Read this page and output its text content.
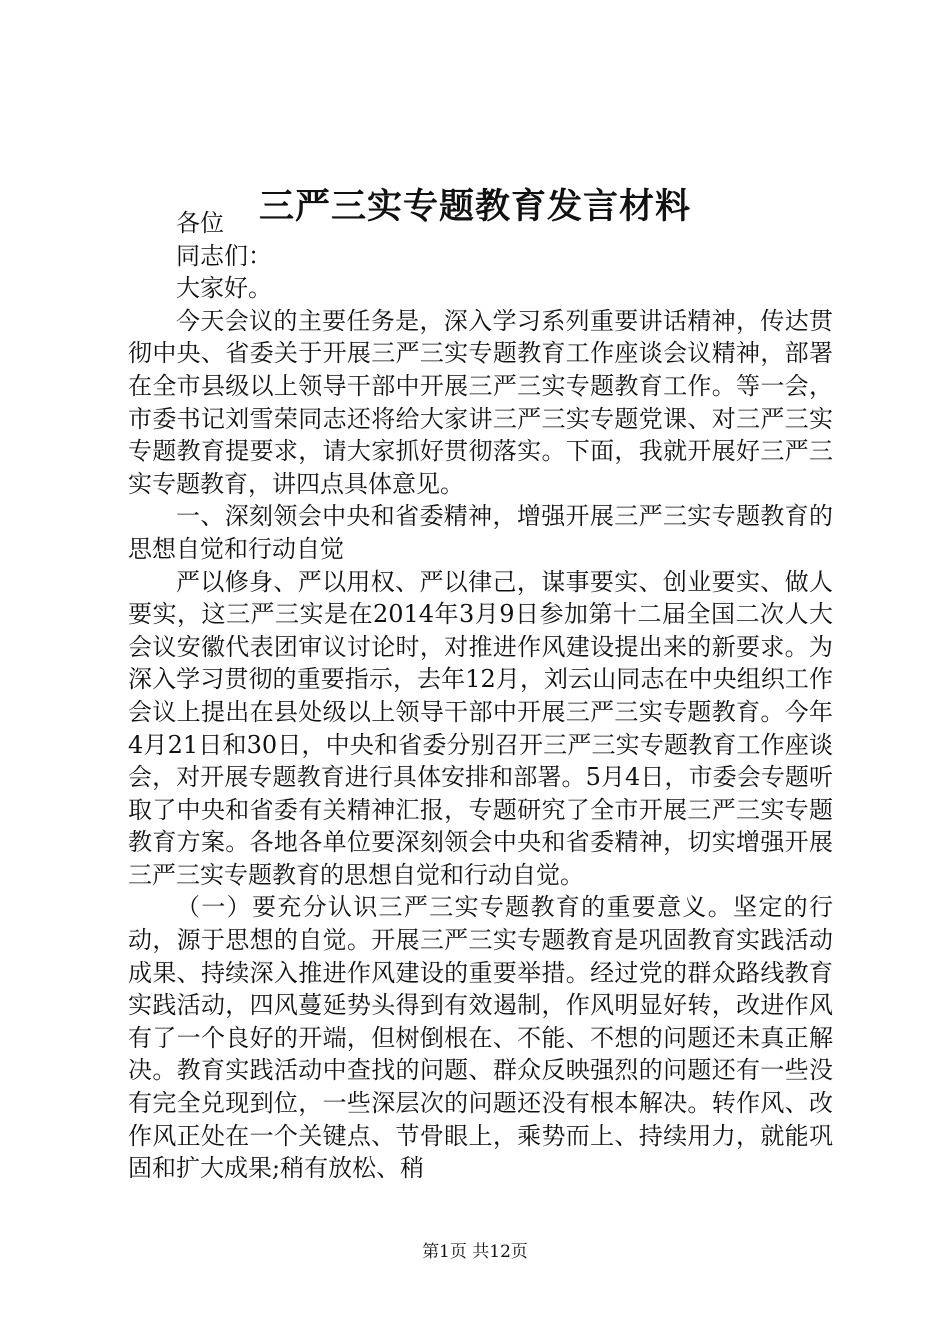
三严三实专题教育发言材料

各位

同志们：

大家好。

今天会议的主要任务是，深入学习系列重要讲话精神，传达贯彻中央、省委关于开展三严三实专题教育工作座谈会议精神，部署在全市县级以上领导干部中开展三严三实专题教育工作。等一会，市委书记刘雪荣同志还将给大家讲三严三实专题党课、对三严三实专题教育提要求，请大家抓好贯彻落实。下面，我就开展好三严三实专题教育，讲四点具体意见。

一、深刻领会中央和省委精神，增强开展三严三实专题教育的思想自觉和行动自觉

严以修身、严以用权、严以律己，谋事要实、创业要实、做人要实，这三严三实是在2014年3月9日参加第十二届全国二次人大会议安徽代表团审议讨论时，对推进作风建设提出来的新要求。为深入学习贯彻的重要指示，去年12月，刘云山同志在中央组织工作会议上提出在县处级以上领导干部中开展三严三实专题教育。今年4月21日和30日，中央和省委分别召开三严三实专题教育工作座谈会，对开展专题教育进行具体安排和部署。5月4日，市委会专题听取了中央和省委有关精神汇报，专题研究了全市开展三严三实专题教育方案。各地各单位要深刻领会中央和省委精神，切实增强开展三严三实专题教育的思想自觉和行动自觉。

（一）要充分认识三严三实专题教育的重要意义。坚定的行动，源于思想的自觉。开展三严三实专题教育是巩固教育实践活动成果、持续深入推进作风建设的重要举措。经过党的群众路线教育实践活动，四风蔓延势头得到有效遏制，作风明显好转，改进作风有了一个良好的开端，但树倒根在、不能、不想的问题还未真正解决。教育实践活动中查找的问题、群众反映强烈的问题还有一些没有完全兑现到位，一些深层次的问题还没有根本解决。转作风、改作风正处在一个关键点、节骨眼上，乘势而上、持续用力，就能巩固和扩大成果;稍有放松、稍

第1页 共12页
